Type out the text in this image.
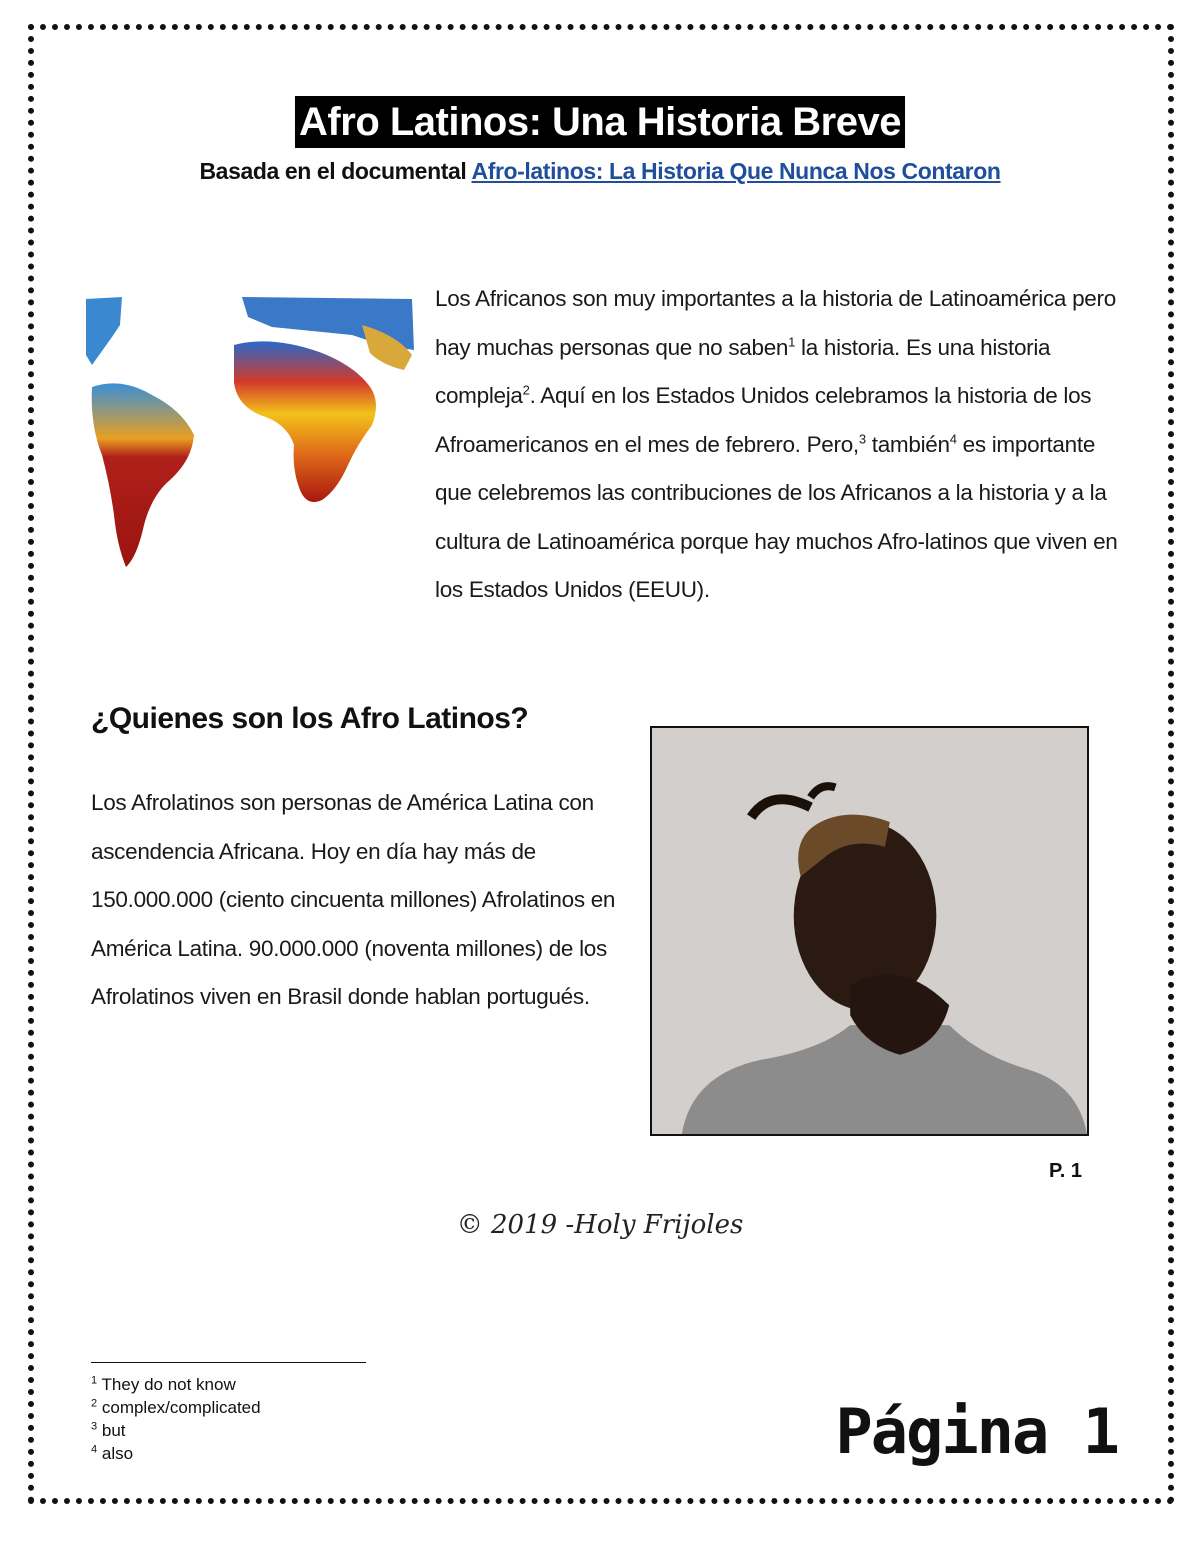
Afro Latinos: Una Historia Breve
Basada en el documental Afro-latinos: La Historia Que Nunca Nos Contaron
Los Africanos son muy importantes a la historia de Latinoamérica pero hay muchas personas que no saben$^1$ la historia. Es una historia compleja$^2$. Aquí en los Estados Unidos celebramos la historia de los Afroamericanos en el mes de febrero. Pero,$^3$ también$^4$ es importante que celebremos las contribuciones de los Africanos a la historia y a la cultura de Latinoamérica porque hay muchos Afro-latinos que viven en los Estados Unidos (EEUU).
¿Quienes son los Afro Latinos?
Los Afrolatinos son personas de América Latina con ascendencia Africana. Hoy en día hay más de 150.000.000 (ciento cincuenta millones) Afrolatinos en América Latina. 90.000.000 (noventa millones) de los Afrolatinos viven en Brasil donde hablan portugués.
P. 1
© 2019 -Holy Frijoles
$^1$ They do not know
$^2$ complex/complicated
$^3$ but
$^4$ also	Página 1
